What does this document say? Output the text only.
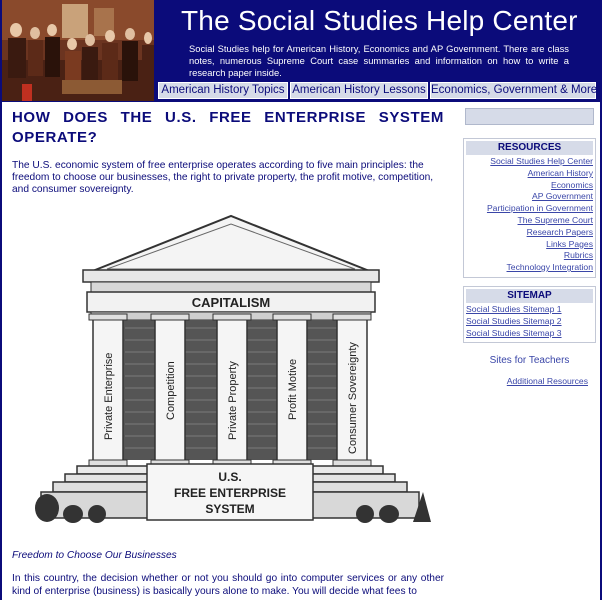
The Social Studies Help Center
Social Studies help for American History, Economics and AP Government. There are class notes, numerous Supreme Court case summaries and information on how to write a research paper inside.
American History Topics American History Lessons Economics, Government & More
HOW DOES THE U.S. FREE ENTERPRISE SYSTEM OPERATE?
The U.S. economic system of free enterprise operates according to five main principles: the freedom to choose our businesses, the right to private property, the profit motive, competition, and consumer sovereignty.
Freedom to Choose Our Businesses
In this country, the decision whether or not you should go into computer services or any other kind of enterprise (business) is basically yours alone to make. You will decide what fees to
CAPITALISM
Private Enterprise	Competition	Private Property	Profit Motive	Consumer Sovereignty
U.S.
FREE ENTERPRISE
SYSTEM
RESOURCES
Social Studies Help Center
American History
Economics
AP Government
Participation in Government
The Supreme Court
Research Papers
Links Pages
Rubrics
Technology Integration
SITEMAP
Social Studies Sitemap 1
Social Studies Sitemap 2
Social Studies Sitemap 3
Sites for Teachers
Additional Resources
